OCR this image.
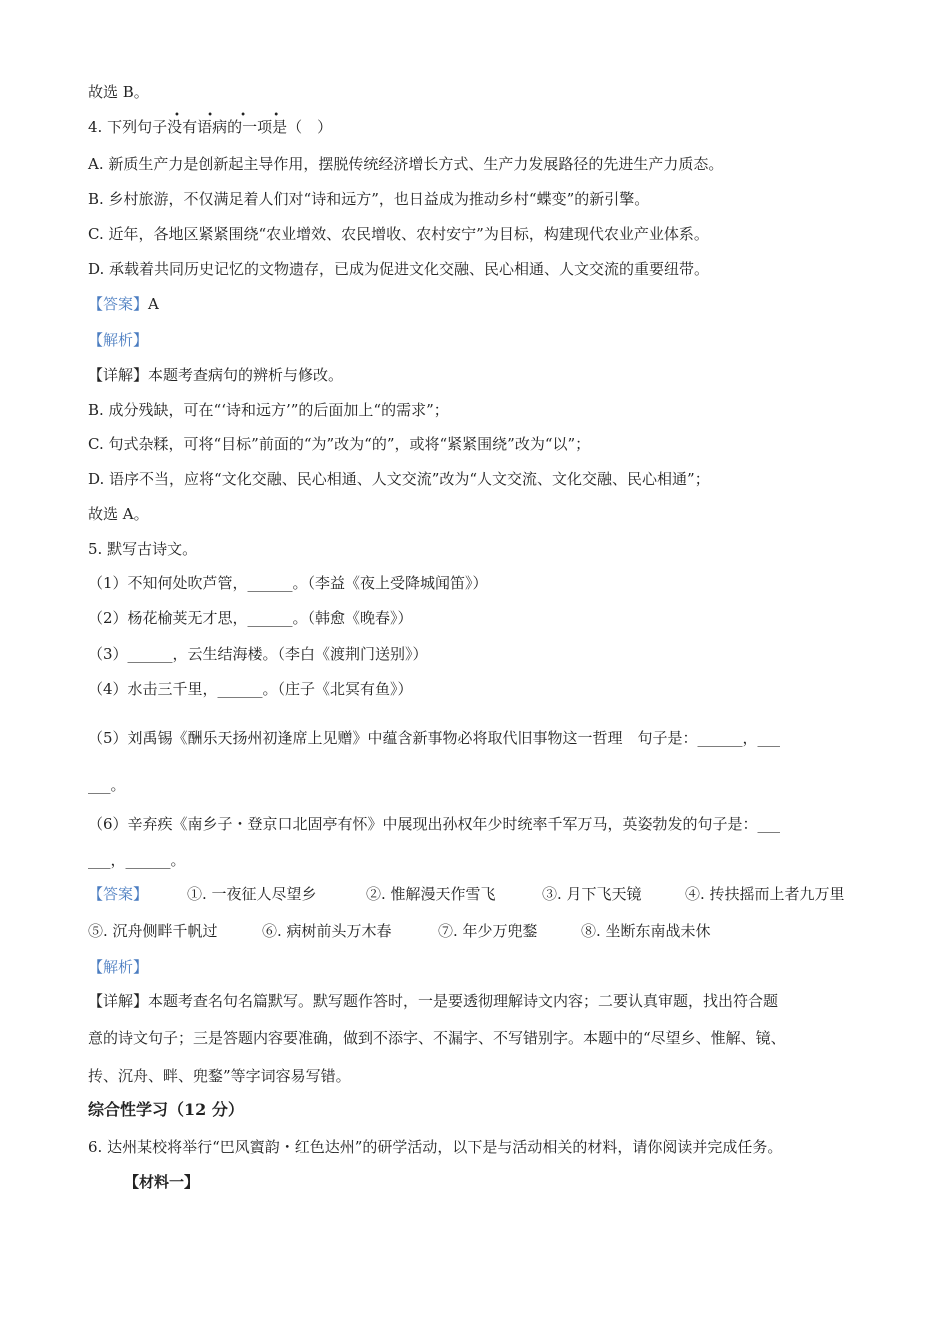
故选 B。
• • • •
4. 下列句子没有语病的一项是（　）
A. 新质生产力是创新起主导作用，摆脱传统经济增长方式、生产力发展路径的先进生产力质态。
B. 乡村旅游，不仅满足着人们对“诗和远方”，也日益成为推动乡村“蝶变”的新引擎。
C. 近年，各地区紧紧围绕“农业增效、农民增收、农村安宁”为目标，构建现代农业产业体系。
D. 承载着共同历史记忆的文物遗存，已成为促进文化交融、民心相通、人文交流的重要纽带。
【答案】A
【解析】
【详解】本题考查病句的辨析与修改。
B. 成分残缺，可在“‘诗和远方’”的后面加上“的需求”；
C. 句式杂糅，可将“目标”前面的“为”改为“的”，或将“紧紧围绕”改为“以”；
D. 语序不当，应将“文化交融、民心相通、人文交流”改为“人文交流、文化交融、民心相通”；
故选 A。
5. 默写古诗文。
（1）不知何处吹芦管，______。（李益《夜上受降城闻笛》）
（2）杨花榆荚无才思，______。（韩愈《晚春》）
（3）______，云生结海楼。（李白《渡荆门送别》）
（4）水击三千里，______。（庄子《北冥有鱼》）
（5）刘禹锡《酬乐天扬州初逢席上见赠》中蕴含新事物必将取代旧事物这一哲理　句子是：______，___
___。
（6）辛弃疾《南乡子・登京口北固亭有怀》中展现出孙权年少时统率千军万马，英姿勃发的句子是：___
___，______。
【答案】	①. 一夜征人尽望乡	②. 惟解漫天作雪飞	③. 月下飞天镜	④. 抟扶摇而上者九万里
⑤. 沉舟侧畔千帆过	⑥. 病树前头万木春	⑦. 年少万兜鍪	⑧. 坐断东南战未休
【解析】
【详解】本题考查名句名篇默写。默写题作答时，一是要透彻理解诗文内容；二要认真审题，找出符合题
意的诗文句子；三是答题内容要准确，做到不添字、不漏字、不写错别字。本题中的“尽望乡、惟解、镜、
抟、沉舟、畔、兜鍪”等字词容易写错。
综合性学习（12 分）
6. 达州某校将举行“巴风賨韵・红色达州”的研学活动，以下是与活动相关的材料，请你阅读并完成任务。
【材料一】
